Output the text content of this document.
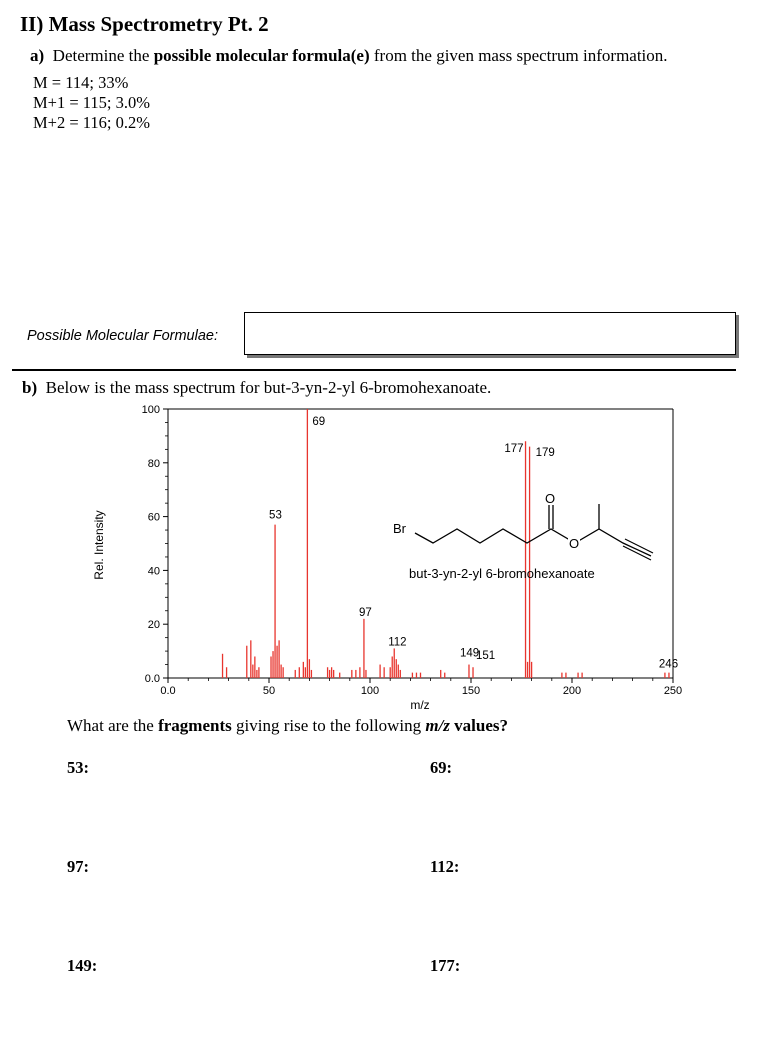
II) Mass Spectrometry Pt. 2
a) Determine the possible molecular formula(e) from the given mass spectrum information.
M = 114; 33%
M+1 = 115; 3.0%
M+2 = 116; 0.2%
Possible Molecular Formulae:
b) Below is the mass spectrum for but-3-yn-2-yl 6-bromohexanoate.
0.0
20
40
60
80
100
0.0	50	100	150	200	250
69
53
177 179
97
112
149
151
246
Rel. Intensity
m/z
Br
O
O
but-3-yn-2-yl 6-bromohexanoate
What are the fragments giving rise to the following m/z values?
53:	69:
97:	112:
149:	177:
